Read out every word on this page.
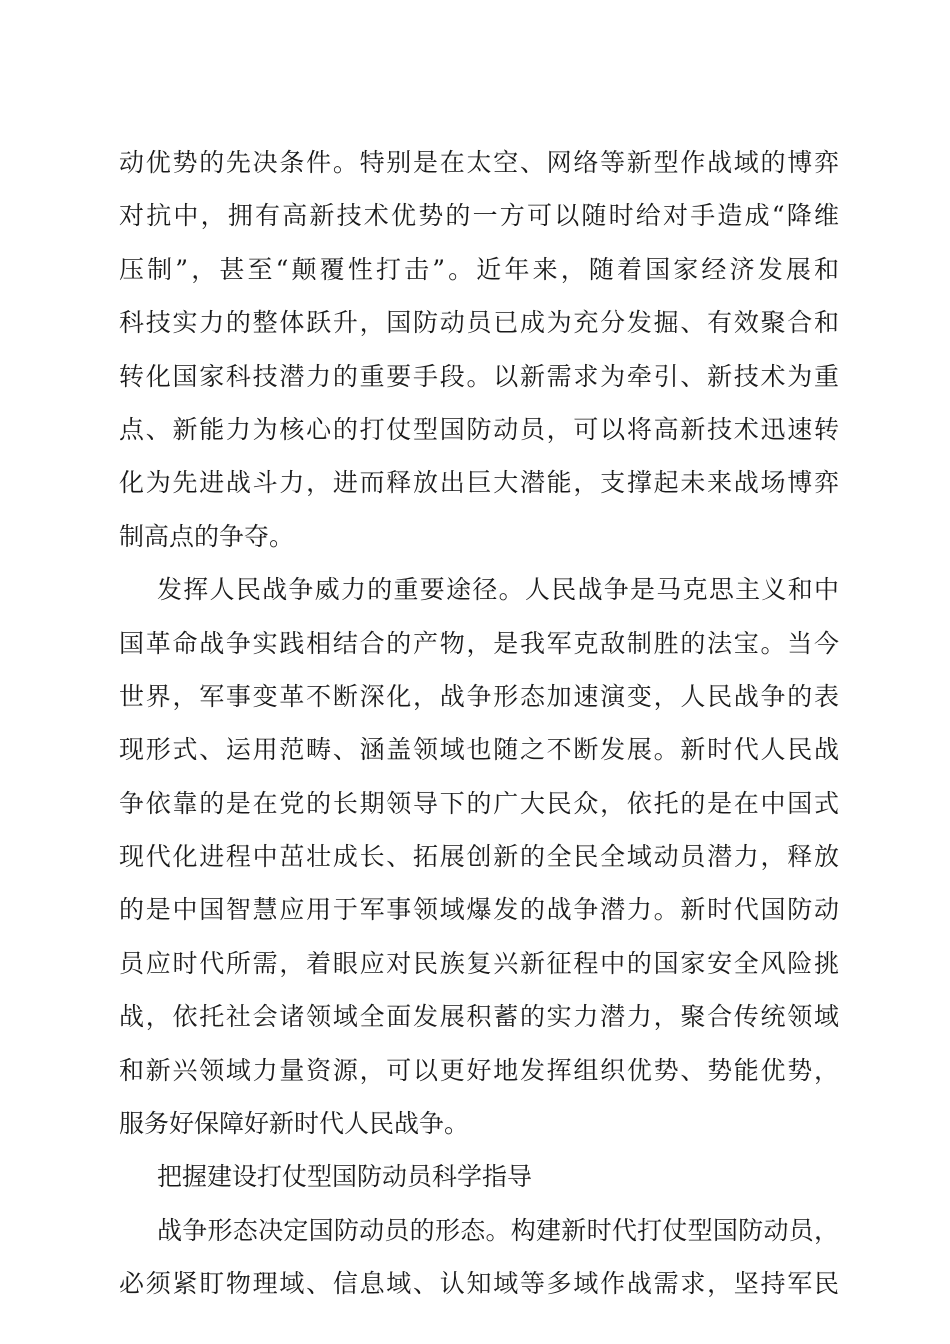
动优势的先决条件。特别是在太空、网络等新型作战域的博弈
对抗中，拥有高新技术优势的一方可以随时给对手造成“降维
压制”，甚至“颠覆性打击”。近年来，随着国家经济发展和
科技实力的整体跃升，国防动员已成为充分发掘、有效聚合和
转化国家科技潜力的重要手段。以新需求为牵引、新技术为重
点、新能力为核心的打仗型国防动员，可以将高新技术迅速转
化为先进战斗力，进而释放出巨大潜能，支撑起未来战场博弈
制高点的争夺。
发挥人民战争威力的重要途径。人民战争是马克思主义和中
国革命战争实践相结合的产物，是我军克敌制胜的法宝。当今
世界，军事变革不断深化，战争形态加速演变，人民战争的表
现形式、运用范畴、涵盖领域也随之不断发展。新时代人民战
争依靠的是在党的长期领导下的广大民众，依托的是在中国式
现代化进程中茁壮成长、拓展创新的全民全域动员潜力，释放
的是中国智慧应用于军事领域爆发的战争潜力。新时代国防动
员应时代所需，着眼应对民族复兴新征程中的国家安全风险挑
战，依托社会诸领域全面发展积蓄的实力潜力，聚合传统领域
和新兴领域力量资源，可以更好地发挥组织优势、势能优势，
服务好保障好新时代人民战争。
把握建设打仗型国防动员科学指导
战争形态决定国防动员的形态。构建新时代打仗型国防动员，
必须紧盯物理域、信息域、认知域等多域作战需求，坚持军民
